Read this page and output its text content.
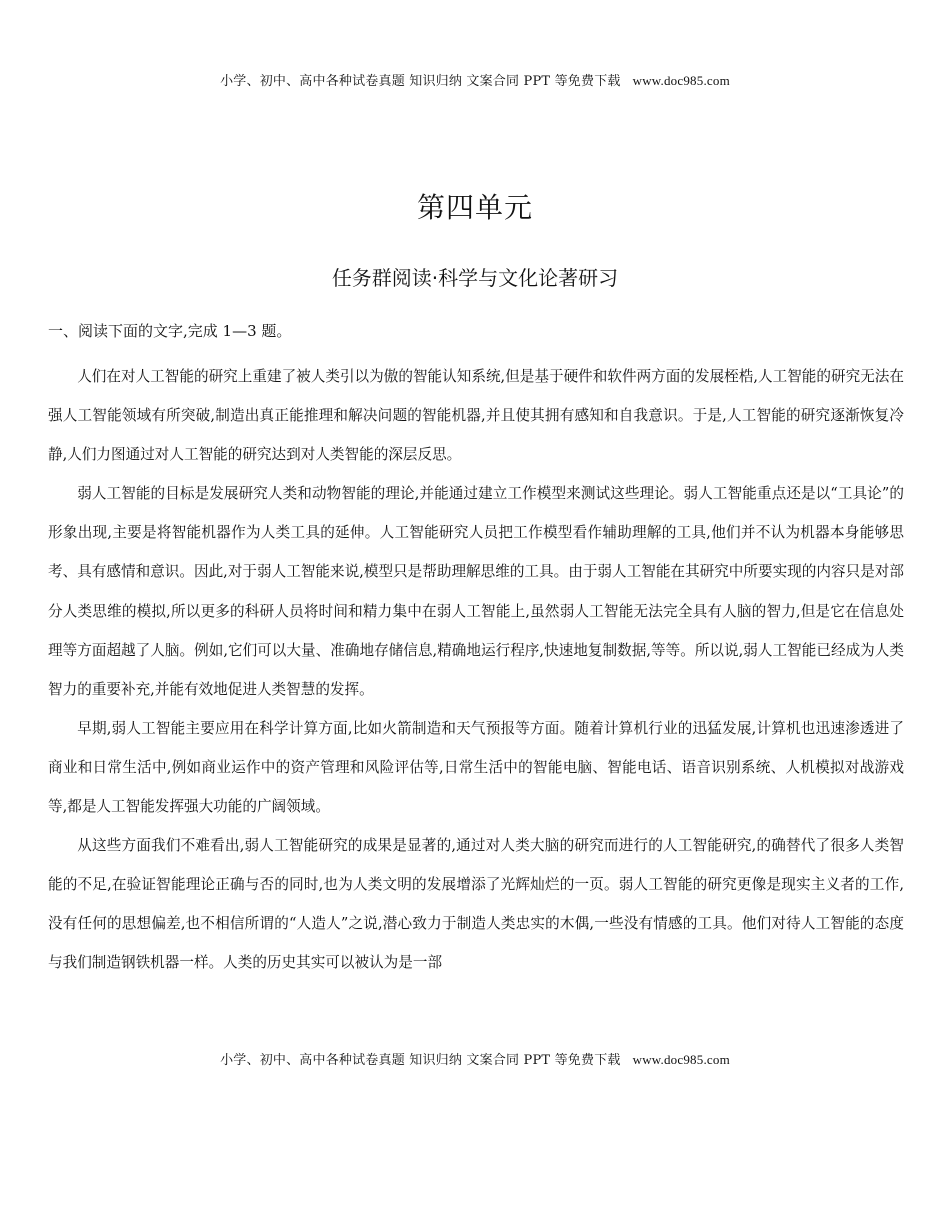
小学、初中、高中各种试卷真题 知识归纳 文案合同 PPT 等免费下载 www.doc985.com
第四单元
任务群阅读·科学与文化论著研习
一、阅读下面的文字,完成 1—3 题。

人们在对人工智能的研究上重建了被人类引以为傲的智能认知系统,但是基于硬件和软件两方面的发展桎梏,人工智能的研究无法在强人工智能领域有所突破,制造出真正能推理和解决问题的智能机器,并且使其拥有感知和自我意识。于是,人工智能的研究逐渐恢复冷静,人们力图通过对人工智能的研究达到对人类智能的深层反思。

弱人工智能的目标是发展研究人类和动物智能的理论,并能通过建立工作模型来测试这些理论。弱人工智能重点还是以“工具论”的形象出现,主要是将智能机器作为人类工具的延伸。人工智能研究人员把工作模型看作辅助理解的工具,他们并不认为机器本身能够思考、具有感情和意识。因此,对于弱人工智能来说,模型只是帮助理解思维的工具。由于弱人工智能在其研究中所要实现的内容只是对部分人类思维的模拟,所以更多的科研人员将时间和精力集中在弱人工智能上,虽然弱人工智能无法完全具有人脑的智力,但是它在信息处理等方面超越了人脑。例如,它们可以大量、准确地存储信息,精确地运行程序,快速地复制数据,等等。所以说,弱人工智能已经成为人类智力的重要补充,并能有效地促进人类智慧的发挥。

早期,弱人工智能主要应用在科学计算方面,比如火箭制造和天气预报等方面。随着计算机行业的迅猛发展,计算机也迅速渗透进了商业和日常生活中,例如商业运作中的资产管理和风险评估等,日常生活中的智能电脑、智能电话、语音识别系统、人机模拟对战游戏等,都是人工智能发挥强大功能的广阔领域。

从这些方面我们不难看出,弱人工智能研究的成果是显著的,通过对人类大脑的研究而进行的人工智能研究,的确替代了很多人类智能的不足,在验证智能理论正确与否的同时,也为人类文明的发展增添了光辉灿烂的一页。弱人工智能的研究更像是现实主义者的工作,没有任何的思想偏差,也不相信所谓的“人造人”之说,潜心致力于制造人类忠实的木偶,一些没有情感的工具。他们对待人工智能的态度与我们制造钢铁机器一样。人类的历史其实可以被认为是一部

小学、初中、高中各种试卷真题 知识归纳 文案合同 PPT 等免费下载 www.doc985.com
